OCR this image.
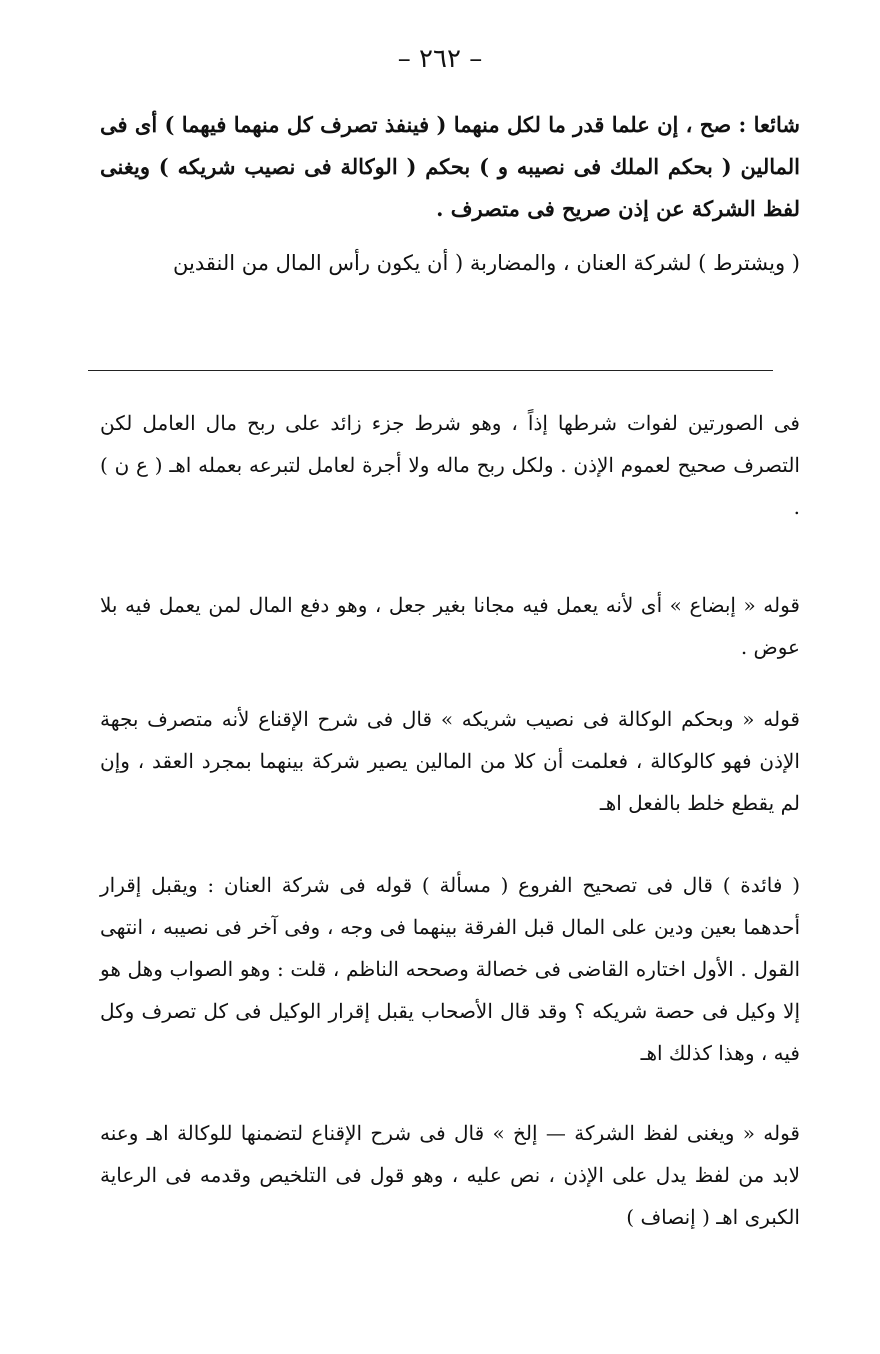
– ٢٦٢ –

شائعا : صح ، إن علما قدر ما لكل منهما ( فينفذ تصرف كل منهما فيهما ) أى فى المالين ( بحكم الملك فى نصيبه و ) بحكم ( الوكالة فى نصيب شريكه ) ويغنى لفظ الشركة عن إذن صريح فى متصرف .

( ويشترط ) لشركة العنان ، والمضاربة ( أن يكون رأس المال من النقدين

فى الصورتين لفوات شرطها إذاً ، وهو شرط جزء زائد على ربح مال العامل لكن التصرف صحيح لعموم الإذن . ولكل ربح ماله ولا أجرة لعامل لتبرعه بعمله اهـ ( ع ن ) .

قوله « إبضاع » أى لأنه يعمل فيه مجانا بغير جعل ، وهو دفع المال لمن يعمل فيه بلا عوض .

قوله « وبحكم الوكالة فى نصيب شريكه » قال فى شرح الإقناع لأنه متصرف بجهة الإذن فهو كالوكالة ، فعلمت أن كلا من المالين يصير شركة بينهما بمجرد العقد ، وإن لم يقطع خلط بالفعل اهـ

( فائدة ) قال فى تصحيح الفروع ( مسألة ) قوله فى شركة العنان : ويقبل إقرار أحدهما بعين ودين على المال قبل الفرقة بينهما فى وجه ، وفى آخر فى نصيبه ، انتهى القول . الأول اختاره القاضى فى خصالة وصححه الناظم ، قلت : وهو الصواب وهل هو إلا وكيل فى حصة شريكه ؟ وقد قال الأصحاب يقبل إقرار الوكيل فى كل تصرف وكل فيه ، وهذا كذلك اهـ

قوله « ويغنى لفظ الشركة — إلخ » قال فى شرح الإقناع لتضمنها للوكالة اهـ وعنه لابد من لفظ يدل على الإذن ، نص عليه ، وهو قول فى التلخيص وقدمه فى الرعاية الكبرى اهـ ( إنصاف )
